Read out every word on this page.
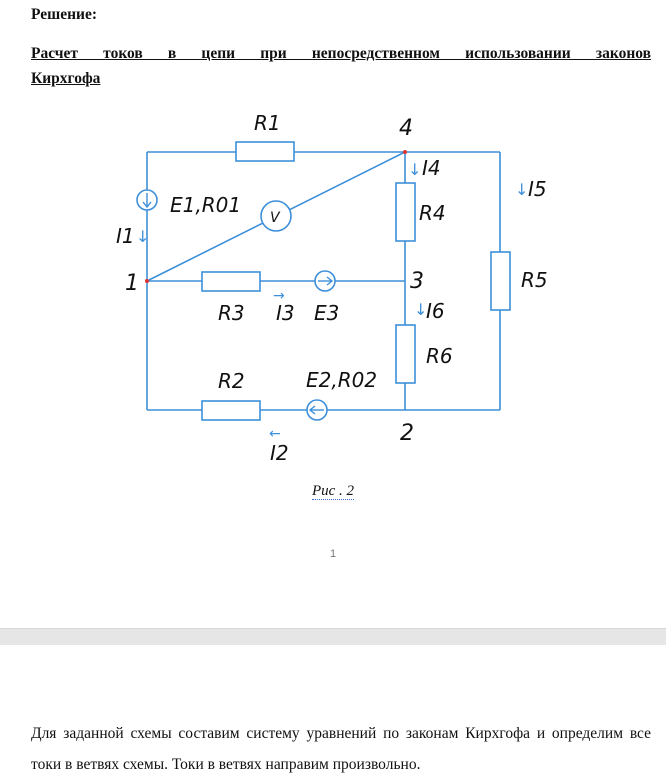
Решение:
Расчет токов в цепи при непосредственном использовании законов
Кирхгофа
V
R1
R3
R2
R4
R6
R5
E1,R01
E3
E2,R02
I1 ↓
I3
→
I2
←
↓ I4
↓ I5
↓
I6
4
1	3
2
Рис . 2
1
Для заданной схемы составим систему уравнений по законам Кирхгофа и определим все токи в ветвях схемы. Токи в ветвях направим произвольно.
